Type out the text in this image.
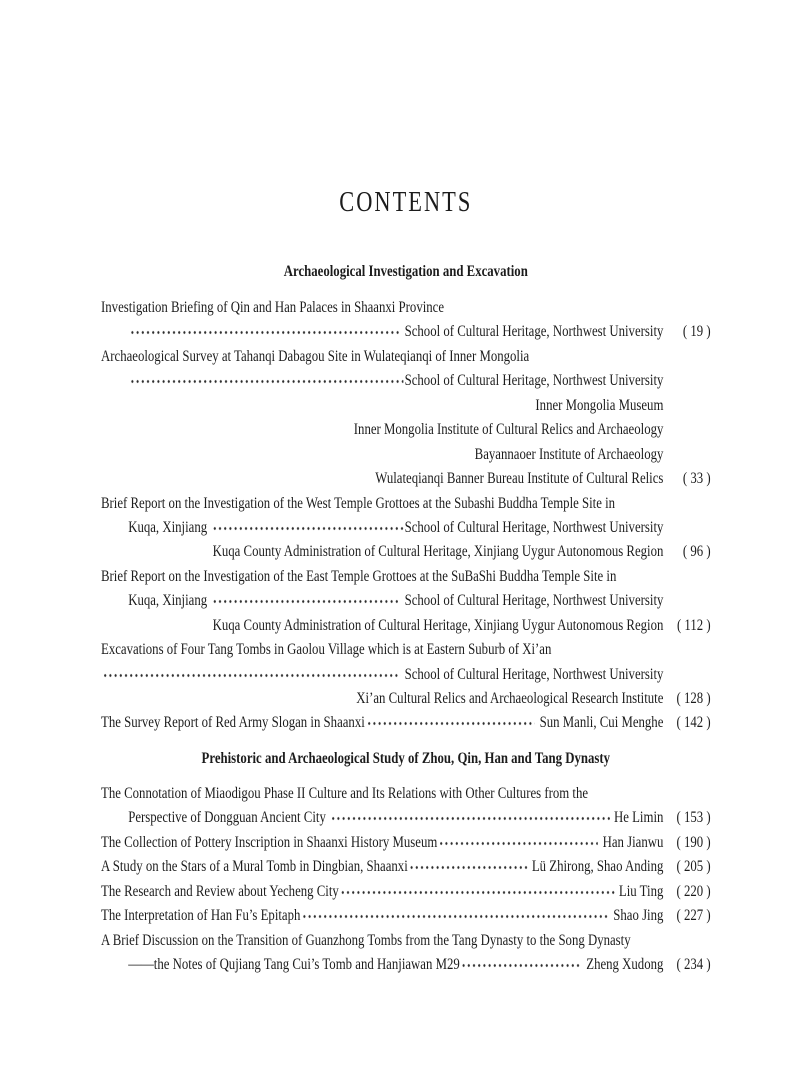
CONTENTS
Archaeological Investigation and Excavation
Investigation Briefing of Qin and Han Palaces in Shaanxi Province
School of Cultural Heritage, Northwest University	( 19 )
Archaeological Survey at Tahanqi Dabagou Site in Wulateqianqi of Inner Mongolia
School of Cultural Heritage, Northwest University
Inner Mongolia Museum
Inner Mongolia Institute of Cultural Relics and Archaeology
Bayannaoer Institute of Archaeology
Wulateqianqi Banner Bureau Institute of Cultural Relics	( 33 )
Brief Report on the Investigation of the West Temple Grottoes at the Subashi Buddha Temple Site in
Kuqa, Xinjiang	School of Cultural Heritage, Northwest University
Kuqa County Administration of Cultural Heritage, Xinjiang Uygur Autonomous Region	( 96 )
Brief Report on the Investigation of the East Temple Grottoes at the SuBaShi Buddha Temple Site in
Kuqa, Xinjiang	School of Cultural Heritage, Northwest University
Kuqa County Administration of Cultural Heritage, Xinjiang Uygur Autonomous Region ( 112 )
Excavations of Four Tang Tombs in Gaolou Village which is at Eastern Suburb of Xi’an
School of Cultural Heritage, Northwest University
Xi’an Cultural Relics and Archaeological Research Institute ( 128 )
The Survey Report of Red Army Slogan in Shaanxi	Sun Manli, Cui Menghe ( 142 )
Prehistoric and Archaeological Study of Zhou, Qin, Han and Tang Dynasty
The Connotation of Miaodigou Phase II Culture and Its Relations with Other Cultures from the
Perspective of Dongguan Ancient City	He Limin ( 153 )
The Collection of Pottery Inscription in Shaanxi History Museum	Han Jianwu ( 190 )
A Study on the Stars of a Mural Tomb in Dingbian, Shaanxi	Lü Zhirong, Shao Anding ( 205 )
The Research and Review about Yecheng City	Liu Ting ( 220 )
The Interpretation of Han Fu’s Epitaph	Shao Jing ( 227 )
A Brief Discussion on the Transition of Guanzhong Tombs from the Tang Dynasty to the Song Dynasty
——the Notes of Qujiang Tang Cui’s Tomb and Hanjiawan M29	Zheng Xudong ( 234 )
